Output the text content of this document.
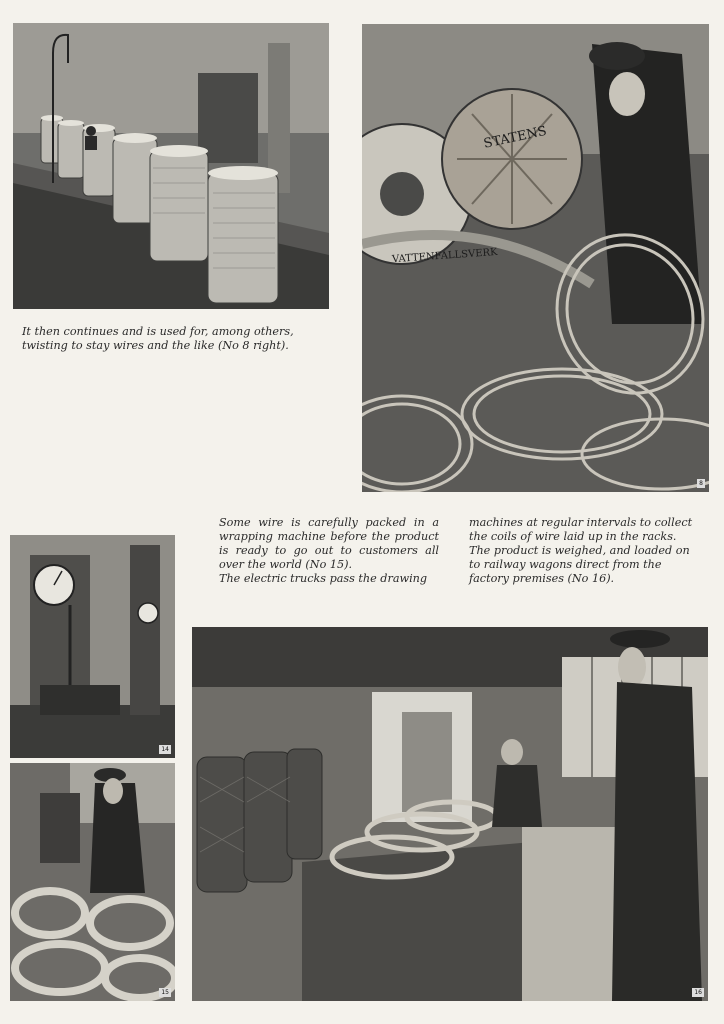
It then continues and is used for, among others, twisting to stay wires and the like (No 8 right).

STATENS
VATTENFALLSVERK
8

Some wire is carefully packed in a wrapping machine before the product is ready to go out to customers all over the world (No 15).
The electric trucks pass the drawing

machines at regular intervals to collect the coils of wire laid up in the racks. The product is weighed, and loaded on to railway wagons direct from the factory premises (No 16).

14
15	16
